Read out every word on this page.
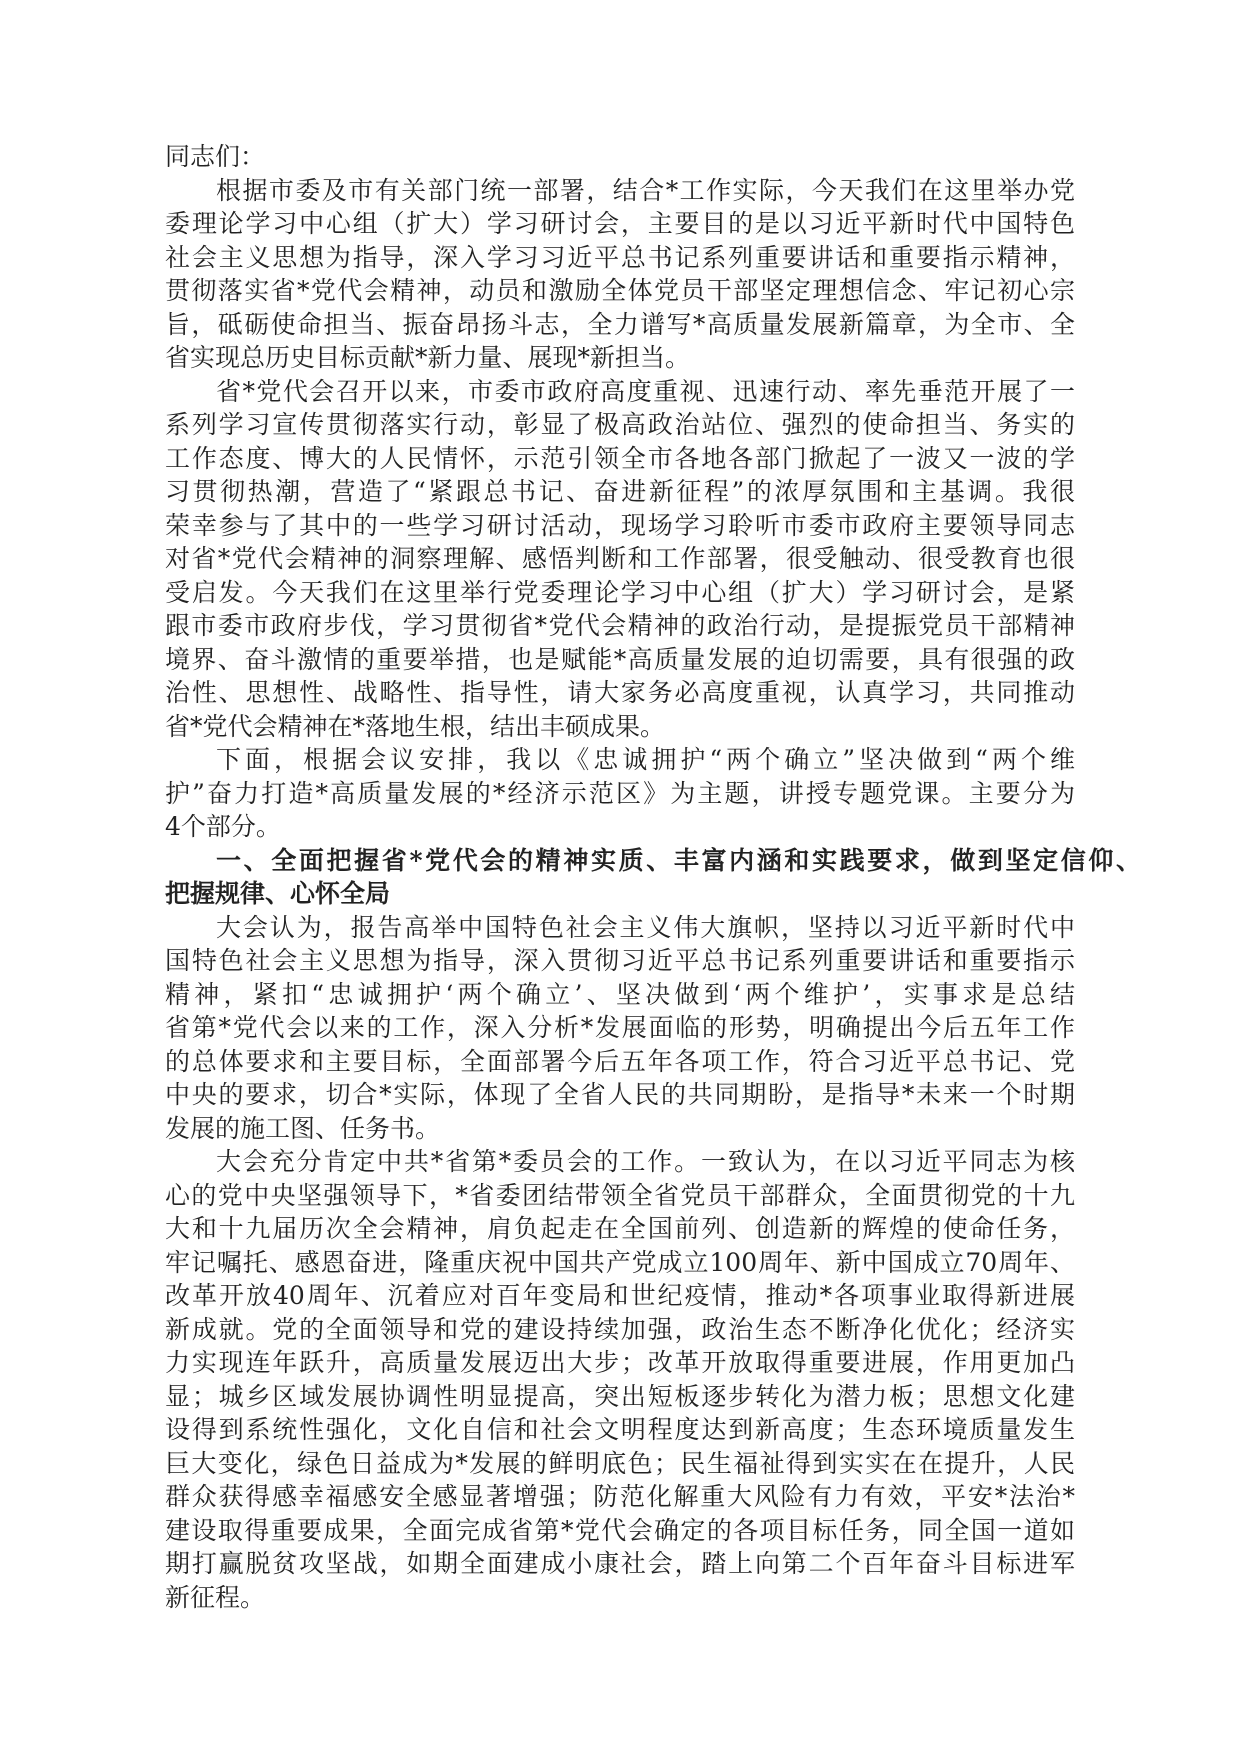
同志们：
根据市委及市有关部门统一部署，结合*工作实际，今天我们在这里举办党
委理论学习中心组（扩大）学习研讨会，主要目的是以习近平新时代中国特色
社会主义思想为指导，深入学习习近平总书记系列重要讲话和重要指示精神，
贯彻落实省*党代会精神，动员和激励全体党员干部坚定理想信念、牢记初心宗
旨，砥砺使命担当、振奋昂扬斗志，全力谱写*高质量发展新篇章，为全市、全
省实现总历史目标贡献*新力量、展现*新担当。
省*党代会召开以来，市委市政府高度重视、迅速行动、率先垂范开展了一
系列学习宣传贯彻落实行动，彰显了极高政治站位、强烈的使命担当、务实的
工作态度、博大的人民情怀，示范引领全市各地各部门掀起了一波又一波的学
习贯彻热潮，营造了“紧跟总书记、奋进新征程”的浓厚氛围和主基调。我很
荣幸参与了其中的一些学习研讨活动，现场学习聆听市委市政府主要领导同志
对省*党代会精神的洞察理解、感悟判断和工作部署，很受触动、很受教育也很
受启发。今天我们在这里举行党委理论学习中心组（扩大）学习研讨会，是紧
跟市委市政府步伐，学习贯彻省*党代会精神的政治行动，是提振党员干部精神
境界、奋斗激情的重要举措，也是赋能*高质量发展的迫切需要，具有很强的政
治性、思想性、战略性、指导性，请大家务必高度重视，认真学习，共同推动
省*党代会精神在*落地生根，结出丰硕成果。
下面，根据会议安排，我以《忠诚拥护“两个确立”坚决做到“两个维
护”奋力打造*高质量发展的*经济示范区》为主题，讲授专题党课。主要分为
4个部分。
一、全面把握省*党代会的精神实质、丰富内涵和实践要求，做到坚定信仰、
把握规律、心怀全局
大会认为，报告高举中国特色社会主义伟大旗帜，坚持以习近平新时代中
国特色社会主义思想为指导，深入贯彻习近平总书记系列重要讲话和重要指示
精神，紧扣“忠诚拥护‘两个确立’、坚决做到‘两个维护’，实事求是总结
省第*党代会以来的工作，深入分析*发展面临的形势，明确提出今后五年工作
的总体要求和主要目标，全面部署今后五年各项工作，符合习近平总书记、党
中央的要求，切合*实际，体现了全省人民的共同期盼，是指导*未来一个时期
发展的施工图、任务书。
大会充分肯定中共*省第*委员会的工作。一致认为，在以习近平同志为核
心的党中央坚强领导下，*省委团结带领全省党员干部群众，全面贯彻党的十九
大和十九届历次全会精神，肩负起走在全国前列、创造新的辉煌的使命任务，
牢记嘱托、感恩奋进，隆重庆祝中国共产党成立100周年、新中国成立70周年、
改革开放40周年、沉着应对百年变局和世纪疫情，推动*各项事业取得新进展
新成就。党的全面领导和党的建设持续加强，政治生态不断净化优化；经济实
力实现连年跃升，高质量发展迈出大步；改革开放取得重要进展，作用更加凸
显；城乡区域发展协调性明显提高，突出短板逐步转化为潜力板；思想文化建
设得到系统性强化，文化自信和社会文明程度达到新高度；生态环境质量发生
巨大变化，绿色日益成为*发展的鲜明底色；民生福祉得到实实在在提升，人民
群众获得感幸福感安全感显著增强；防范化解重大风险有力有效，平安*法治*
建设取得重要成果，全面完成省第*党代会确定的各项目标任务，同全国一道如
期打赢脱贫攻坚战，如期全面建成小康社会，踏上向第二个百年奋斗目标进军
新征程。
